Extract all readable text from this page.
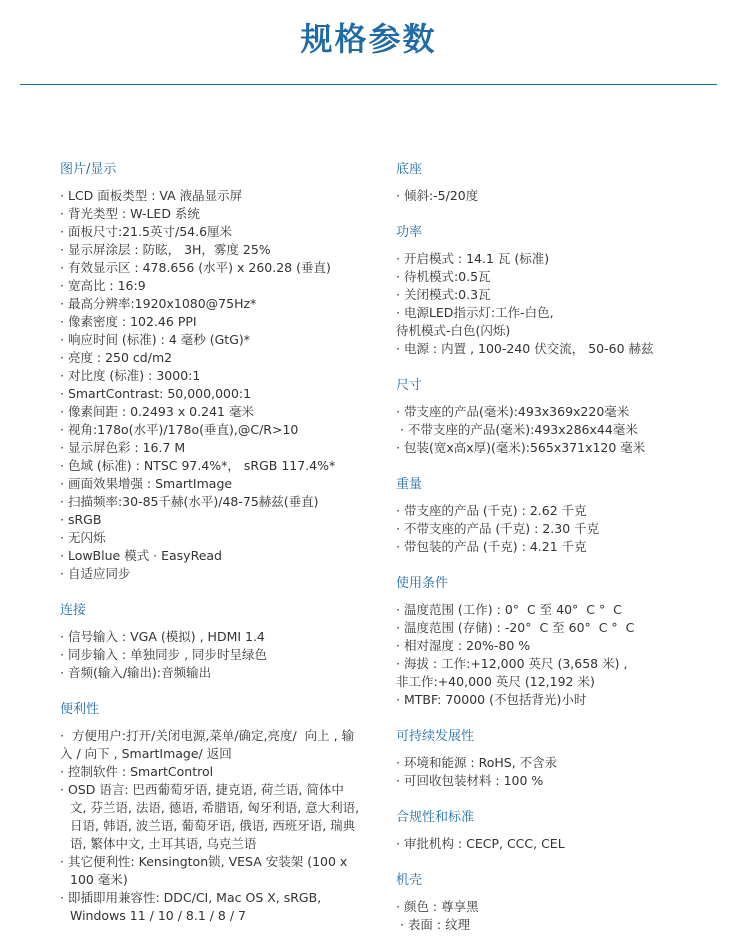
规格参数
图片/显示
· LCD 面板类型 : VA 液晶显示屏
· 背光类型 : W-LED 系统
· 面板尺寸:21.5英寸/54.6厘米
· 显示屏涂层 : 防眩， 3H，雾度 25%
· 有效显示区 : 478.656 (水平) x 260.28 (垂直)
· 宽高比 : 16:9
· 最高分辨率:1920x1080@75Hz*
· 像素密度 : 102.46 PPI
· 响应时间 (标准) : 4 毫秒 (GtG)*
· 亮度 : 250 cd/m2
· 对比度 (标准) : 3000:1
· SmartContrast: 50,000,000:1
· 像素间距 : 0.2493 x 0.241 毫米
· 视角:178o(水平)/178o(垂直),@C/R>10
· 显示屏色彩 : 16.7 M
· 色域 (标准) : NTSC 97.4%*， sRGB 117.4%*
· 画面效果增强 : SmartImage
· 扫描频率:30-85千赫(水平)/48-75赫兹(垂直)
· sRGB
· 无闪烁
· LowBlue 模式 · EasyRead
· 自适应同步
连接
· 信号输入 : VGA (模拟) , HDMI 1.4
· 同步输入 : 单独同步 , 同步时呈绿色
· 音频(输入/输出):音频输出
便利性
·  方便用户:打开/关闭电源,菜单/确定,亮度/  向上 , 输入 / 向下 , SmartImage/ 返回
· 控制软件 : SmartControl
· OSD 语言: 巴西葡萄牙语, 捷克语, 荷兰语, 简体中文, 芬兰语, 法语, 德语, 希腊语, 匈牙利语, 意大利语, 日语, 韩语, 波兰语, 葡萄牙语, 俄语, 西班牙语, 瑞典语, 繁体中文, 土耳其语, 乌克兰语
· 其它便利性: Kensington锁, VESA 安装架 (100 x 100 毫米)
· 即插即用兼容性: DDC/CI, Mac OS X, sRGB, Windows 11 / 10 / 8.1 / 8 / 7
底座
· 倾斜:-5/20度
功率
· 开启模式 : 14.1 瓦 (标准)
· 待机模式:0.5瓦
· 关闭模式:0.3瓦
· 电源LED指示灯:工作-白色,
待机模式-白色(闪烁)
· 电源 : 内置 , 100-240 伏交流， 50-60 赫兹
尺寸
· 带支座的产品(毫米):493x369x220毫米
· 不带支座的产品(毫米):493x286x44毫米
· 包装(宽x高x厚)(毫米):565x371x120 毫米
重量
· 带支座的产品 (千克) : 2.62 千克
· 不带支座的产品 (千克) : 2.30 千克
· 带包装的产品 (千克) : 4.21 千克
使用条件
· 温度范围 (工作) : 0°  C 至 40°  C °  C
· 温度范围 (存储) : -20°  C 至 60°  C °  C
· 相对湿度 : 20%-80 %
· 海拔 : 工作:+12,000 英尺 (3,658 米) ,
非工作:+40,000 英尺 (12,192 米)
· MTBF: 70000 (不包括背光)小时
可持续发展性
· 环境和能源 : RoHS, 不含汞
· 可回收包装材料 : 100 %
合规性和标准
· 审批机构 : CECP, CCC, CEL
机壳
· 颜色 : 尊享黑
· 表面 : 纹理
